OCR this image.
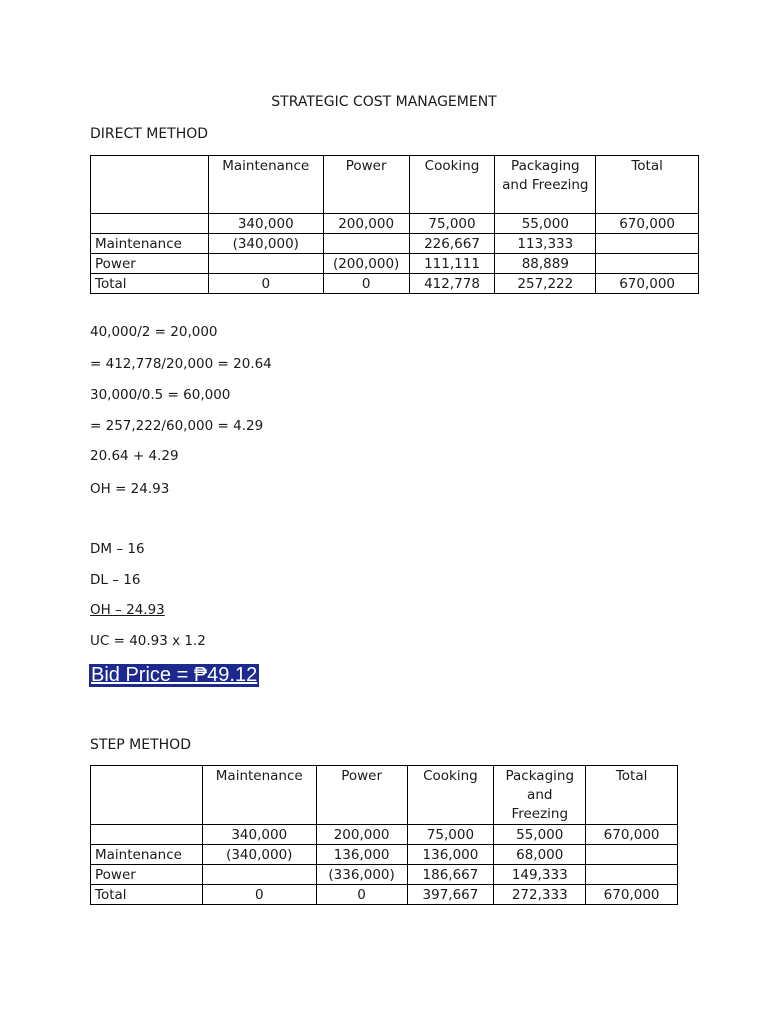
STRATEGIC COST MANAGEMENT
DIRECT METHOD
	Maintenance	Power	Cooking	Packaging and Freezing	Total
	340,000	200,000	75,000	55,000	670,000
Maintenance	(340,000)		226,667	113,333	
Power		(200,000)	111,111	88,889	
Total	0	0	412,778	257,222	670,000
40,000/2 = 20,000
= 412,778/20,000 = 20.64
30,000/0.5 = 60,000
= 257,222/60,000 = 4.29
20.64 + 4.29
OH = 24.93
DM – 16
DL – 16
OH – 24.93
UC = 40.93 x 1.2
Bid Price = ₱49.12
STEP METHOD
	Maintenance	Power	Cooking	Packaging and Freezing	Total
	340,000	200,000	75,000	55,000	670,000
Maintenance	(340,000)	136,000	136,000	68,000	
Power		(336,000)	186,667	149,333	
Total	0	0	397,667	272,333	670,000
